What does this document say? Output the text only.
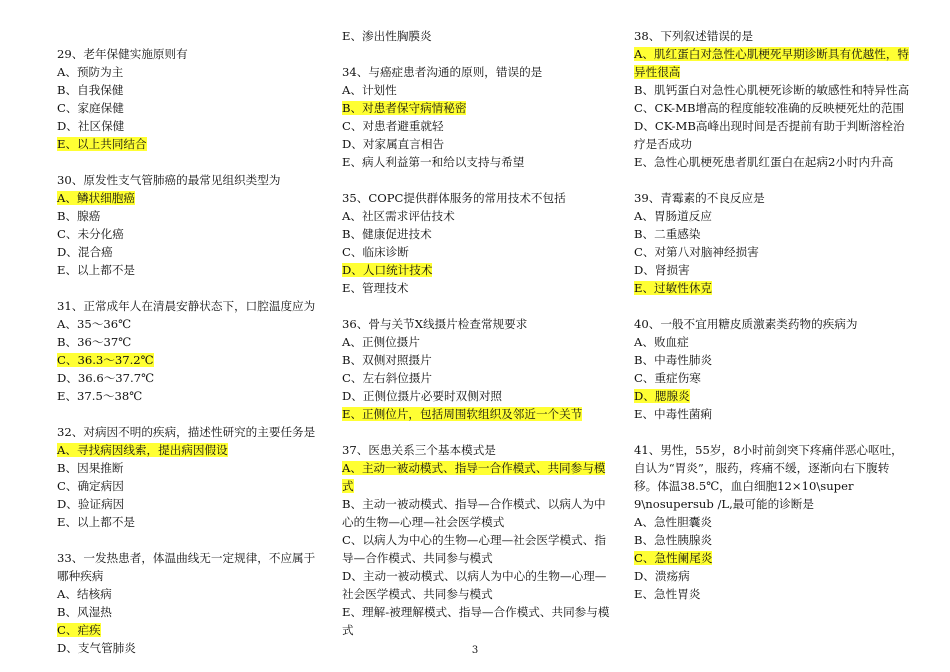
29、老年保健实施原则有
A、预防为主
B、自我保健
C、家庭保健
D、社区保健
E、以上共同结合
30、原发性支气管肺癌的最常见组织类型为
A、鳞状细胞癌
B、腺癌
C、未分化癌
D、混合癌
E、以上都不是
31、正常成年人在清晨安静状态下，口腔温度应为
A、35～36℃
B、36～37℃
C、36.3～37.2℃
D、36.6～37.7℃
E、37.5～38℃
32、对病因不明的疾病，描述性研究的主要任务是
A、寻找病因线索，提出病因假设
B、因果推断
C、确定病因
D、验证病因
E、以上都不是
33、一发热患者，体温曲线无一定规律，不应属于哪种疾病
A、结核病
B、风湿热
C、疟疾
D、支气管肺炎
E、渗出性胸膜炎
34、与癌症患者沟通的原则，错误的是
A、计划性
B、对患者保守病情秘密
C、对患者避重就轻
D、对家属直言相告
E、病人利益第一和给以支持与希望
35、COPC提供群体服务的常用技术不包括
A、社区需求评估技术
B、健康促进技术
C、临床诊断
D、人口统计技术
E、管理技术
36、骨与关节X线摄片检查常规要求
A、正侧位摄片
B、双侧对照摄片
C、左右斜位摄片
D、正侧位摄片必要时双侧对照
E、正侧位片，包括周围软组织及邻近一个关节
37、医患关系三个基本模式是
A、主动一被动模式、指导一合作模式、共同参与模式
B、主动一被动模式、指导—合作模式、以病人为中心的生物—心理—社会医学模式
C、以病人为中心的生物—心理—社会医学模式、指导—合作模式、共同参与模式
D、主动一被动模式、以病人为中心的生物—心理—社会医学模式、共同参与模式
E、理解-被理解模式、指导—合作模式、共同参与模式
38、下列叙述错误的是
A、肌红蛋白对急性心肌梗死早期诊断具有优越性，特异性很高
B、肌钙蛋白对急性心肌梗死诊断的敏感性和特异性高
C、CK-MB增高的程度能较准确的反映梗死灶的范围
D、CK-MB高峰出现时间是否提前有助于判断溶栓治疗是否成功
E、急性心肌梗死患者肌红蛋白在起病2小时内升高
39、青霉素的不良反应是
A、胃肠道反应
B、二重感染
C、对第八对脑神经损害
D、肾损害
E、过敏性休克
40、一般不宜用糖皮质激素类药物的疾病为
A、败血症
B、中毒性肺炎
C、重症伤寒
D、腮腺炎
E、中毒性菌痢
41、男性，55岁，8小时前剑突下疼痛伴恶心呕吐，自认为“胃炎”，服药，疼痛不缓，逐渐向右下腹转移。体温38.5℃，血白细胞12×10\super 9\nosupersub /L,最可能的诊断是
A、急性胆囊炎
B、急性胰腺炎
C、急性阑尾炎
D、溃疡病
E、急性胃炎
3
